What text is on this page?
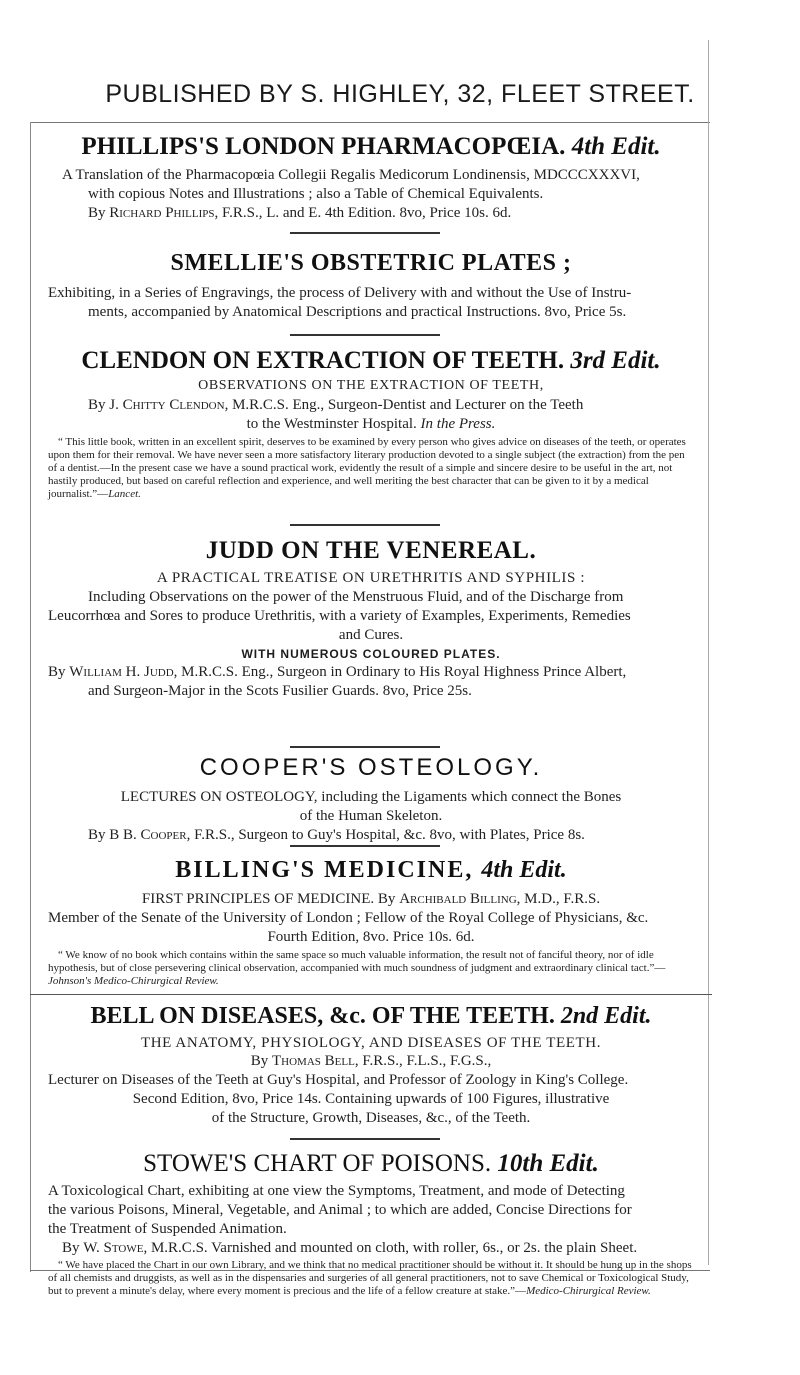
PUBLISHED BY S. HIGHLEY, 32, FLEET STREET.
PHILLIPS'S LONDON PHARMACOPŒIA. 4th Edit.
A Translation of the Pharmacopœia Collegii Regalis Medicorum Londinensis, MDCCCXXXVI,
with copious Notes and Illustrations ; also a Table of Chemical Equivalents.
By Richard Phillips, F.R.S., L. and E. 4th Edition. 8vo, Price 10s. 6d.
SMELLIE'S OBSTETRIC PLATES ;
Exhibiting, in a Series of Engravings, the process of Delivery with and without the Use of Instru-
ments, accompanied by Anatomical Descriptions and practical Instructions. 8vo, Price 5s.
CLENDON ON EXTRACTION OF TEETH. 3rd Edit.
OBSERVATIONS ON THE EXTRACTION OF TEETH,
By J. Chitty Clendon, M.R.C.S. Eng., Surgeon-Dentist and Lecturer on the Teeth
to the Westminster Hospital. In the Press.
“ This little book, written in an excellent spirit, deserves to be examined by every person who gives advice on diseases of the teeth, or operates upon them for their removal. We have never seen a more satisfactory literary production devoted to a single subject (the extraction) from the pen of a dentist.—In the present case we have a sound practical work, evidently the result of a simple and sincere desire to be useful in the art, not hastily produced, but based on careful reflection and experience, and well meriting the best character that can be given to it by a medical journalist.”—Lancet.
JUDD ON THE VENEREAL.
A PRACTICAL TREATISE ON URETHRITIS AND SYPHILIS :
Including Observations on the power of the Menstruous Fluid, and of the Discharge from
Leucorrhœa and Sores to produce Urethritis, with a variety of Examples, Experiments, Remedies
and Cures.
WITH NUMEROUS COLOURED PLATES.
By William H. Judd, M.R.C.S. Eng., Surgeon in Ordinary to His Royal Highness Prince Albert,
and Surgeon-Major in the Scots Fusilier Guards. 8vo, Price 25s.
COOPER'S OSTEOLOGY.
LECTURES ON OSTEOLOGY, including the Ligaments which connect the Bones
of the Human Skeleton.
By B B. Cooper, F.R.S., Surgeon to Guy's Hospital, &c. 8vo, with Plates, Price 8s.
BILLING'S MEDICINE, 4th Edit.
FIRST PRINCIPLES OF MEDICINE. By Archibald Billing, M.D., F.R.S.
Member of the Senate of the University of London ; Fellow of the Royal College of Physicians, &c.
Fourth Edition, 8vo. Price 10s. 6d.
“ We know of no book which contains within the same space so much valuable information, the result not of fanciful theory, nor of idle hypothesis, but of close persevering clinical observation, accompanied with much soundness of judgment and extraordinary clinical tact.”—Johnson's Medico-Chirurgical Review.
BELL ON DISEASES, &c. OF THE TEETH. 2nd Edit.
THE ANATOMY, PHYSIOLOGY, AND DISEASES OF THE TEETH.
By Thomas Bell, F.R.S., F.L.S., F.G.S.,
Lecturer on Diseases of the Teeth at Guy's Hospital, and Professor of Zoology in King's College.
Second Edition, 8vo, Price 14s. Containing upwards of 100 Figures, illustrative
of the Structure, Growth, Diseases, &c., of the Teeth.
STOWE'S CHART OF POISONS. 10th Edit.
A Toxicological Chart, exhibiting at one view the Symptoms, Treatment, and mode of Detecting
the various Poisons, Mineral, Vegetable, and Animal ; to which are added, Concise Directions for
the Treatment of Suspended Animation.
By W. Stowe, M.R.C.S. Varnished and mounted on cloth, with roller, 6s., or 2s. the plain Sheet.
“ We have placed the Chart in our own Library, and we think that no medical practitioner should be without it. It should be hung up in the shops of all chemists and druggists, as well as in the dispensaries and surgeries of all general practitioners, not to save Chemical or Toxicological Study, but to prevent a minute's delay, where every moment is precious and the life of a fellow creature at stake.”—Medico-Chirurgical Review.
